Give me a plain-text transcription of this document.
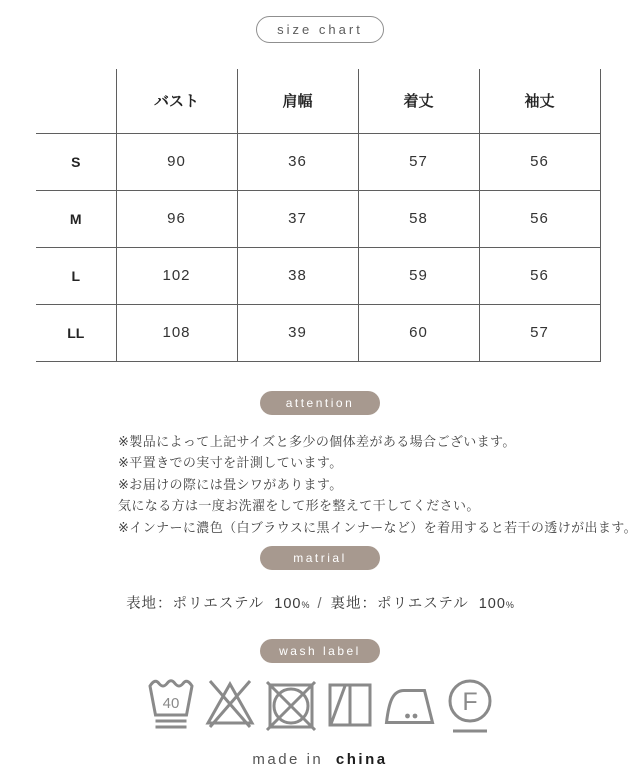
size chart
	バスト	肩幅	着丈	袖丈
S	90	36	57	56
M	96	37	58	56
L	102	38	59	56
LL	108	39	60	57
attention

※製品によって上記サイズと多少の個体差がある場合ございます。

※平置きでの実寸を計測しています。

※お届けの際には畳シワがあります。

気になる方は一度お洗濯をして形を整えて干してください。

※インナーに濃色（白ブラウスに黒インナーなど）を着用すると若干の透けが出ます。

matrial
表地：ポリエステル 100 % / 裏地：ポリエステル 100 %
wash label
40	F
made in china
